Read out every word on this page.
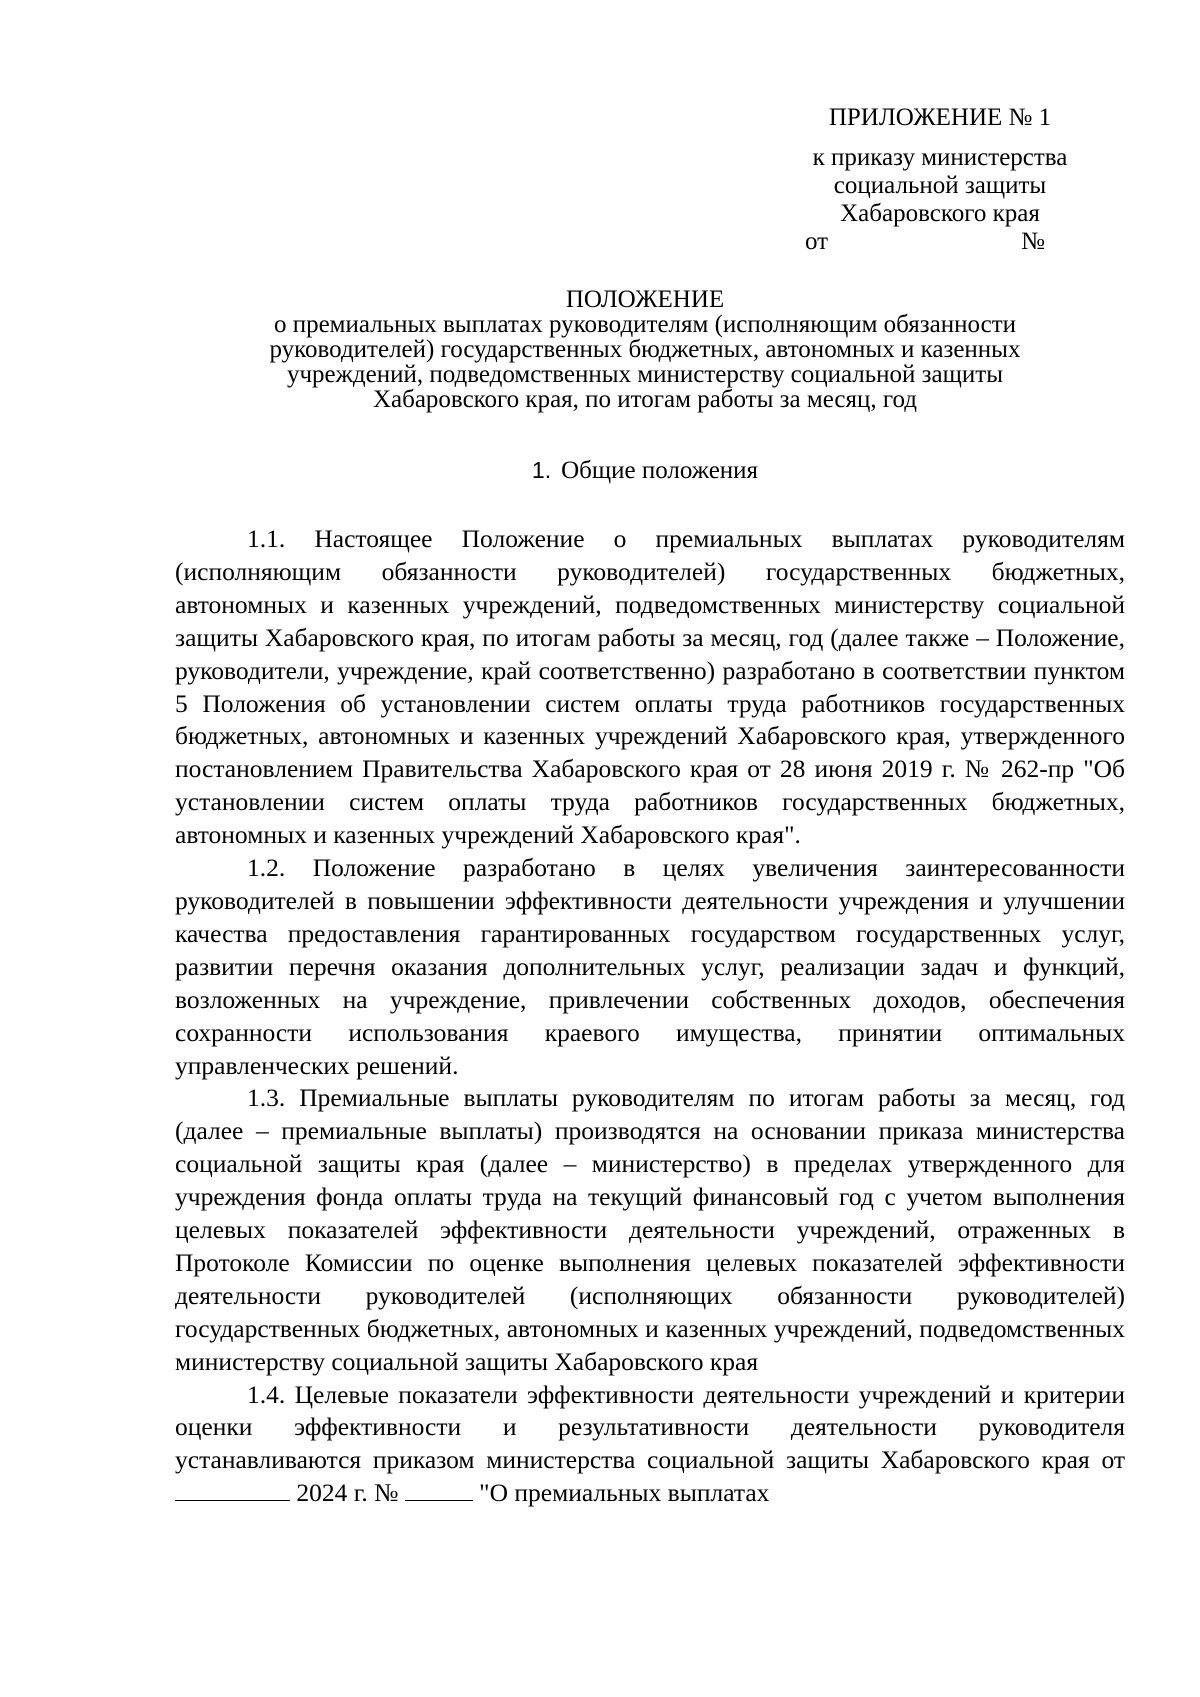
ПРИЛОЖЕНИЕ № 1
к приказу министерства
социальной защиты
Хабаровского края
от	№
ПОЛОЖЕНИЕ
о премиальных выплатах руководителям (исполняющим обязанности
руководителей) государственных бюджетных, автономных и казенных
учреждений, подведомственных министерству социальной защиты
Хабаровского края, по итогам работы за месяц, год
1. Общие положения

1.1. Настоящее Положение о премиальных выплатах руководителям (исполняющим обязанности руководителей) государственных бюджетных, автономных и казенных учреждений, подведомственных министерству социальной защиты Хабаровского края, по итогам работы за месяц, год (далее также – Положение, руководители, учреждение, край соответственно) разработано в соответствии пунктом 5 Положения об установлении систем оплаты труда работников государственных бюджетных, автономных и казенных учреждений Хабаровского края, утвержденного постановлением Правительства Хабаровского края от 28 июня 2019 г. № 262-пр "Об установлении систем оплаты труда работников государственных бюджетных, автономных и казенных учреждений Хабаровского края".

1.2. Положение разработано в целях увеличения заинтересованности руководителей в повышении эффективности деятельности учреждения и улучшении качества предоставления гарантированных государством государственных услуг, развитии перечня оказания дополнительных услуг, реализации задач и функций, возложенных на учреждение, привлечении собственных доходов, обеспечения сохранности использования краевого имущества, принятии оптимальных управленческих решений.

1.3. Премиальные выплаты руководителям по итогам работы за месяц, год (далее – премиальные выплаты) производятся на основании приказа министерства социальной защиты края (далее – министерство) в пределах утвержденного для учреждения фонда оплаты труда на текущий финансовый год с учетом выполнения целевых показателей эффективности деятельности учреждений, отраженных в Протоколе Комиссии по оценке выполнения целевых показателей эффективности деятельности руководителей (исполняющих обязанности руководителей) государственных бюджетных, автономных и казенных учреждений, подведомственных министерству социальной защиты Хабаровского края

1.4. Целевые показатели эффективности деятельности учреждений и критерии оценки эффективности и результативности деятельности руководителя устанавливаются приказом министерства социальной защиты Хабаровского края от  2024 г. №	"О премиальных выплатах
